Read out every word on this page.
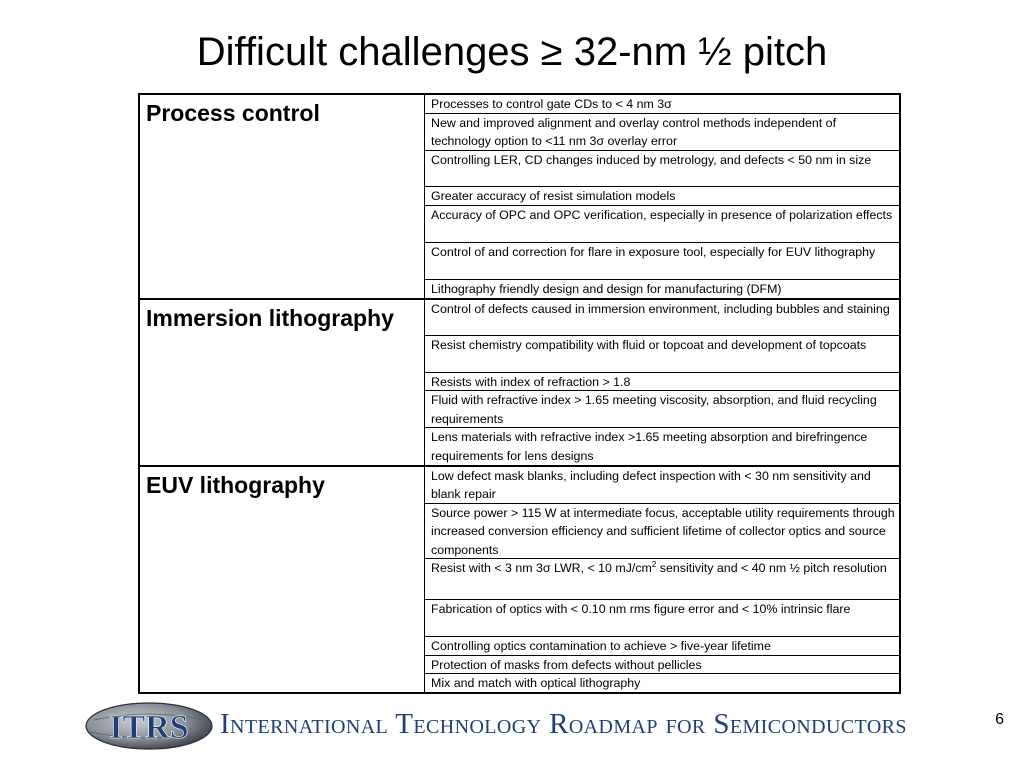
Difficult challenges ≥ 32-nm ½ pitch
Process control	Processes to control gate CDs to < 4 nm 3σ
New and improved alignment and overlay control methods independent of technology option to <11 nm 3σ overlay error
Controlling LER, CD changes induced by metrology, and defects < 50 nm in size
Greater accuracy of resist simulation models
Accuracy of OPC and OPC verification, especially in presence of polarization effects
Control of and correction for flare in exposure tool, especially for EUV lithography
Lithography friendly design and design for manufacturing (DFM)
Immersion lithography	Control of defects caused in immersion environment, including bubbles and staining
Resist chemistry compatibility with fluid or topcoat and development of topcoats
Resists with index of refraction > 1.8
Fluid with refractive index > 1.65 meeting viscosity, absorption, and fluid recycling requirements
Lens materials with refractive index >1.65 meeting absorption and birefringence requirements for lens designs
EUV lithography	Low defect mask blanks, including defect inspection with < 30 nm sensitivity and blank repair
Source power > 115 W at intermediate focus, acceptable utility requirements through increased conversion efficiency and sufficient lifetime of collector optics and source components
Resist with < 3 nm 3σ LWR, < 10 $mJ/cm^2$ sensitivity and < 40 nm ½ pitch resolution
Fabrication of optics with < 0.10 nm rms figure error and < 10% intrinsic flare
Controlling optics contamination to achieve > five-year lifetime
Protection of masks from defects without pellicles
Mix and match with optical lithography
ITRS International Technology Roadmap for Semiconductors	6
